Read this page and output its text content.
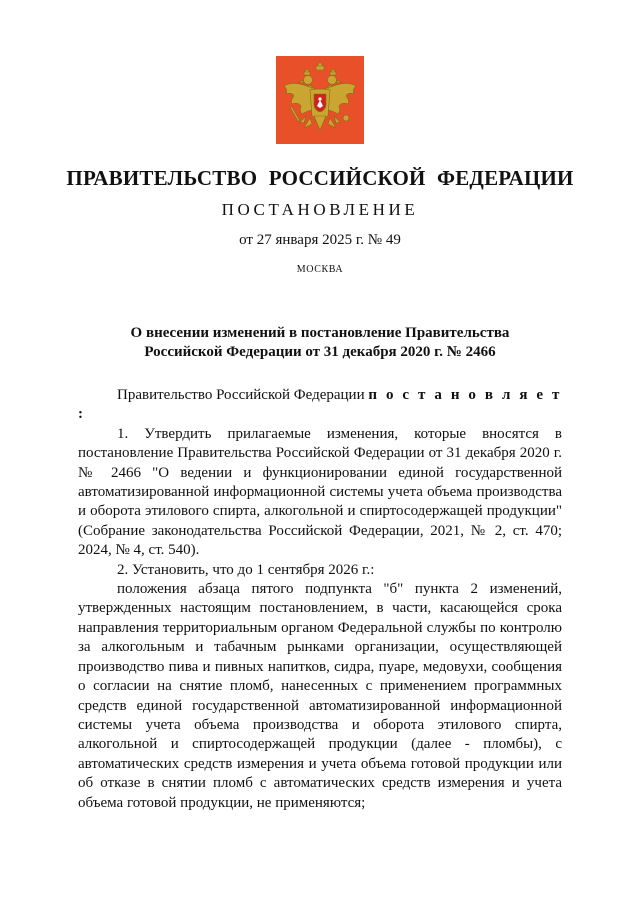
ПРАВИТЕЛЬСТВО РОССИЙСКОЙ ФЕДЕРАЦИИ
ПОСТАНОВЛЕНИЕ
от 27 января 2025 г. № 49
МОСКВА
О внесении изменений в постановление Правительства
Российской Федерации от 31 декабря 2020 г. № 2466

Правительство Российской Федерации п о с т а н о в л я е т :

1. Утвердить прилагаемые изменения, которые вносятся в постановление Правительства Российской Федерации от 31 декабря 2020 г. № 2466 "О ведении и функционировании единой государственной автоматизированной информационной системы учета объема производства и оборота этилового спирта, алкогольной и спиртосодержащей продукции" (Собрание законодательства Российской Федерации, 2021, № 2, ст. 470; 2024, № 4, ст. 540).

2. Установить, что до 1 сентября 2026 г.:

положения абзаца пятого подпункта "б" пункта 2 изменений, утвержденных настоящим постановлением, в части, касающейся срока направления территориальным органом Федеральной службы по контролю за алкогольным и табачным рынками организации, осуществляющей производство пива и пивных напитков, сидра, пуаре, медовухи, сообщения о согласии на снятие пломб, нанесенных с применением программных средств единой государственной автоматизированной информационной системы учета объема производства и оборота этилового спирта, алкогольной и спиртосодержащей продукции (далее - пломбы), с автоматических средств измерения и учета объема готовой продукции или об отказе в снятии пломб с автоматических средств измерения и учета объема готовой продукции, не применяются;
